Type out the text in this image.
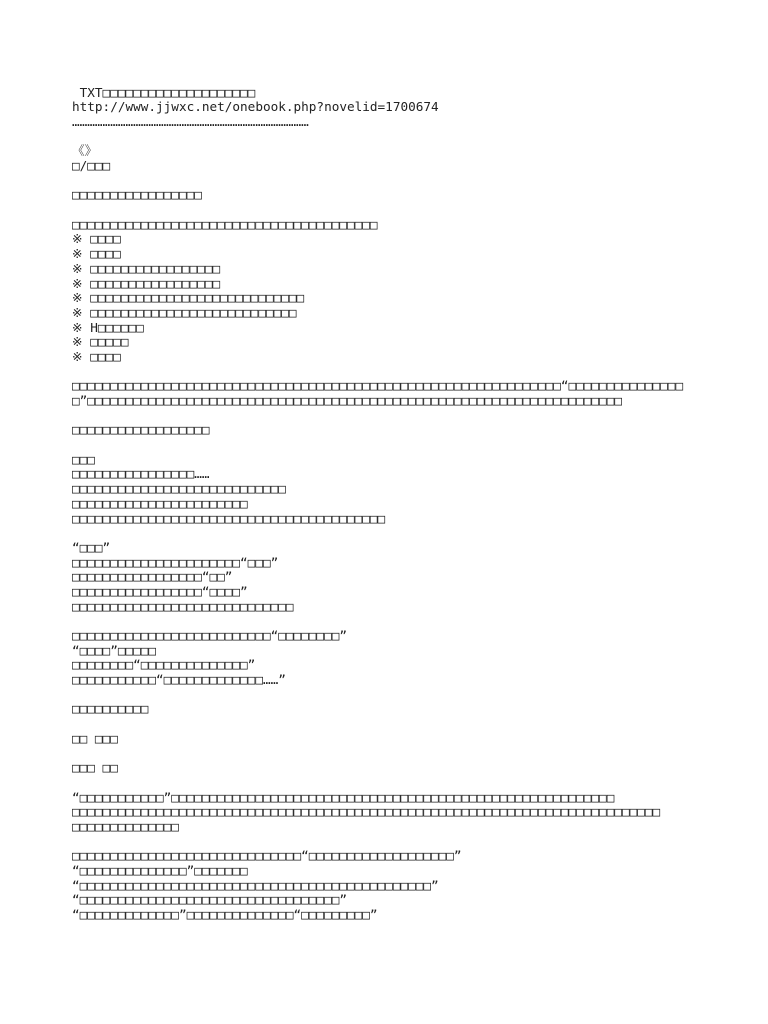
TXT□□□□□□□□□□□□□□□□□□□□
http://www.jjwxc.net/onebook.php?novelid=1700674
…………………………………………………………………………………
《》
□/□□□
□□□□□□□□□□□□□□□□□
□□□□□□□□□□□□□□□□□□□□□□□□□□□□□□□□□□□□□□□□
※ □□□□
※ □□□□
※ □□□□□□□□□□□□□□□□□
※ □□□□□□□□□□□□□□□□□
※ □□□□□□□□□□□□□□□□□□□□□□□□□□□□
※ □□□□□□□□□□□□□□□□□□□□□□□□□□□
※ H□□□□□□
※ □□□□□
※ □□□□
□□□□□□□□□□□□□□□□□□□□□□□□□□□□□□□□□□□□□□□□□□□□□□□□□□□□□□□□□□□□□□□□“□□□□□□□□□□□□□□□
□”□□□□□□□□□□□□□□□□□□□□□□□□□□□□□□□□□□□□□□□□□□□□□□□□□□□□□□□□□□□□□□□□□□□□□□
□□□□□□□□□□□□□□□□□□
□□□
□□□□□□□□□□□□□□□□……
□□□□□□□□□□□□□□□□□□□□□□□□□□□□
□□□□□□□□□□□□□□□□□□□□□□□
□□□□□□□□□□□□□□□□□□□□□□□□□□□□□□□□□□□□□□□□□
“□□□”
□□□□□□□□□□□□□□□□□□□□□□“□□□”
□□□□□□□□□□□□□□□□□“□□”
□□□□□□□□□□□□□□□□□“□□□□”
□□□□□□□□□□□□□□□□□□□□□□□□□□□□□
□□□□□□□□□□□□□□□□□□□□□□□□□□“□□□□□□□□”
“□□□□”□□□□□
□□□□□□□□“□□□□□□□□□□□□□□”
□□□□□□□□□□□“□□□□□□□□□□□□□……”
□□□□□□□□□□
□□ □□□
□□□ □□
“□□□□□□□□□□□”□□□□□□□□□□□□□□□□□□□□□□□□□□□□□□□□□□□□□□□□□□□□□□□□□□□□□□□□□□
□□□□□□□□□□□□□□□□□□□□□□□□□□□□□□□□□□□□□□□□□□□□□□□□□□□□□□□□□□□□□□□□□□□□□□□□□□□□□
□□□□□□□□□□□□□□
□□□□□□□□□□□□□□□□□□□□□□□□□□□□□□“□□□□□□□□□□□□□□□□□□□”
“□□□□□□□□□□□□□□”□□□□□□□
“□□□□□□□□□□□□□□□□□□□□□□□□□□□□□□□□□□□□□□□□□□□□□□”
“□□□□□□□□□□□□□□□□□□□□□□□□□□□□□□□□□□”
“□□□□□□□□□□□□□”□□□□□□□□□□□□□□“□□□□□□□□□”
